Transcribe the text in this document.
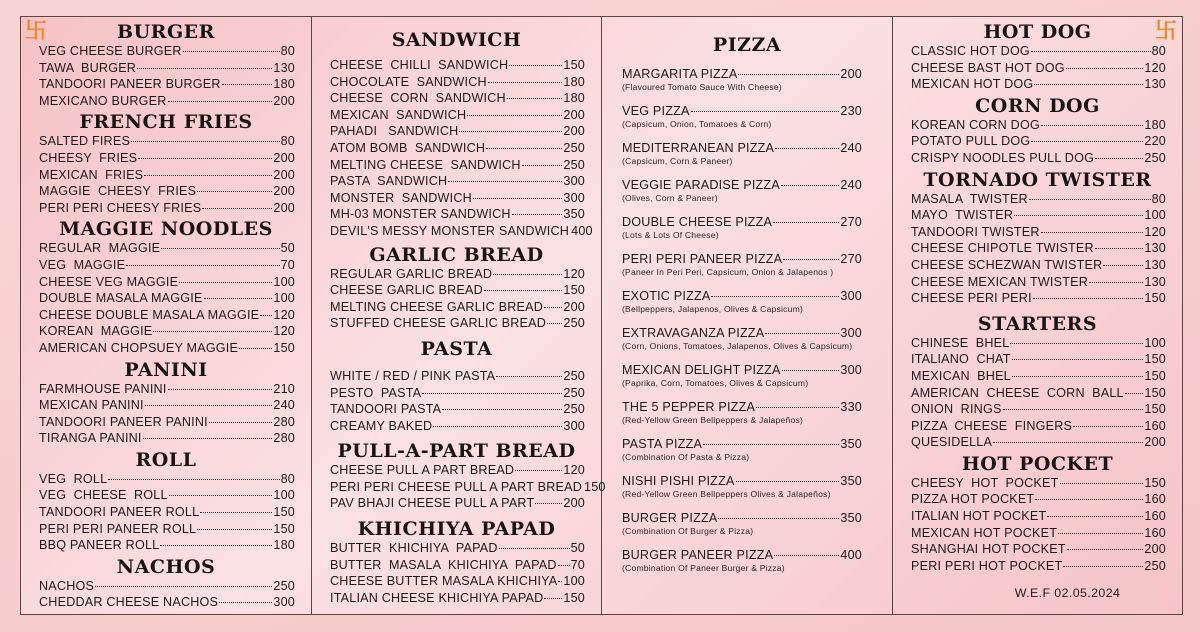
BURGER
VEG CHEESE BURGER	80
TAWA  BURGER	130
TANDOORI PANEER BURGER	180
MEXICANO BURGER	200
FRENCH FRIES
SALTED FIRES	80
CHEESY  FRIES	200
MEXICAN  FRIES	200
MAGGIE  CHEESY  FRIES	200
PERI PERI CHEESY FRIES	200
MAGGIE NOODLES
REGULAR  MAGGIE	50
VEG  MAGGIE	70
CHEESE VEG MAGGIE	100
DOUBLE MASALA MAGGIE	100
CHEESE DOUBLE MASALA MAGGIE 120
KOREAN  MAGGIE	120
AMERICAN CHOPSUEY MAGGIE	150
PANINI
FARMHOUSE PANINI	210
MEXICAN PANINI	240
TANDOORI PANEER PANINI	280
TIRANGA PANINI	280
ROLL
VEG  ROLL	80
VEG  CHEESE  ROLL	100
TANDOORI PANEER ROLL	150
PERI PERI PANEER ROLL	150
BBQ PANEER ROLL	180
NACHOS
NACHOS	250
CHEDDAR CHEESE NACHOS	300
SANDWICH
CHEESE  CHILLI  SANDWICH	150
CHOCOLATE  SANDWICH	180
CHEESE  CORN  SANDWICH	180
MEXICAN  SANDWICH	200
PAHADI   SANDWICH	200
ATOM BOMB  SANDWICH	250
MELTING CHEESE  SANDWICH	250
PASTA  SANDWICH	300
MONSTER  SANDWICH	300
MH-03 MONSTER SANDWICH	350
DEVIL'S MESSY MONSTER SANDWICH 400
GARLIC BREAD
REGULAR GARLIC BREAD	120
CHEESE GARLIC BREAD	150
MELTING CHEESE GARLIC BREAD 200
STUFFED CHEESE GARLIC BREAD 250
PASTA
WHITE / RED / PINK PASTA	250
PESTO  PASTA	250
TANDOORI PASTA	250
CREAMY BAKED	300
PULL-A-PART BREAD
CHEESE PULL A PART BREAD	120
PERI PERI CHEESE PULL A PART BREAD 150
PAV BHAJI CHEESE PULL A PART 200
KHICHIYA PAPAD
BUTTER  KHICHIYA  PAPAD	50
BUTTER  MASALA  KHICHIYA  PAPAD 70
CHEESE BUTTER MASALA KHICHIYA 100
ITALIAN CHEESE KHICHIYA PAPAD 150
PIZZA
MARGARITA PIZZA	200
(Flavoured Tomato Sauce With Cheese)
VEG PIZZA	230
(Capsicum, Onion, Tomatoes & Corn)
MEDITERRANEAN PIZZA	240
(Capsicum, Corn & Paneer)
VEGGIE PARADISE PIZZA	240
(Olives, Corn & Paneer)
DOUBLE CHEESE PIZZA	270
(Lots & Lots Of Cheese)
PERI PERI PANEER PIZZA	270
(Paneer In Peri Peri, Capsicum, Onion & Jalapenos )
EXOTIC PIZZA	300
(Bellpeppers, Jalapenos, Olives & Capsicum)
EXTRAVAGANZA PIZZA	300
(Corn, Onions, Tomatoes, Jalapenos, Olives & Capsicum)
MEXICAN DELIGHT PIZZA	300
(Paprika, Corn, Tomatoes, Olives & Capsicum)
THE 5 PEPPER PIZZA	330
(Red-Yellow Green Bellpeppers & Jalapeños)
PASTA PIZZA	350
(Combination Of Pasta & Pizza)
NISHI PISHI PIZZA	350
(Red-Yellow Green Bellpeppers Olives & Jalapeños)
BURGER PIZZA	350
(Combination Of Burger & Pizza)
BURGER PANEER PIZZA	400
(Combination Of Paneer Burger & Pizza)
HOT DOG
CLASSIC HOT DOG	80
CHEESE BAST HOT DOG	120
MEXICAN HOT DOG	130
CORN DOG
KOREAN CORN DOG	180
POTATO PULL DOG	220
CRISPY NOODLES PULL DOG	250
TORNADO TWISTER
MASALA  TWISTER	80
MAYO  TWISTER	100
TANDOORI TWISTER	120
CHEESE CHIPOTLE TWISTER	130
CHEESE SCHEZWAN TWISTER	130
CHEESE MEXICAN TWISTER	130
CHEESE PERI PERI	150
STARTERS
CHINESE  BHEL	100
ITALIANO  CHAT	150
MEXICAN  BHEL	150
AMERICAN  CHEESE  CORN  BALL 150
ONION  RINGS	150
PIZZA  CHEESE  FINGERS	160
QUESIDELLA	200
HOT POCKET
CHEESY  HOT  POCKET	150
PIZZA HOT POCKET	160
ITALIAN HOT POCKET	160
MEXICAN HOT POCKET	160
SHANGHAI HOT POCKET	200
PERI PERI HOT POCKET	250
W.E.F 02.05.2024
卐	卐
